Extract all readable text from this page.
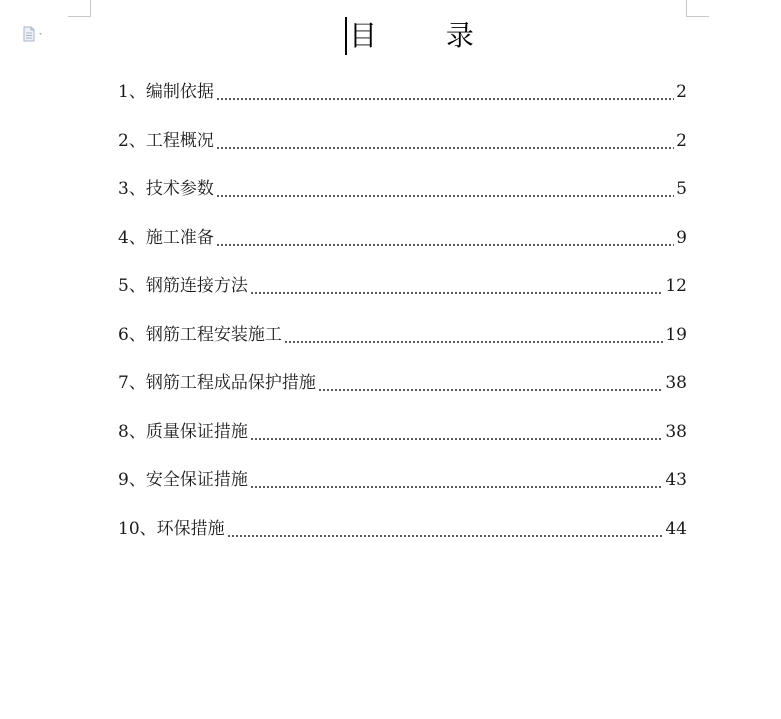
目 录
1、编制依据	2
2、工程概况	2
3、技术参数	5
4、施工准备	9
5、钢筋连接方法	12
6、钢筋工程安装施工	19
7、钢筋工程成品保护措施	38
8、质量保证措施	38
9、安全保证措施	43
10、环保措施	44
